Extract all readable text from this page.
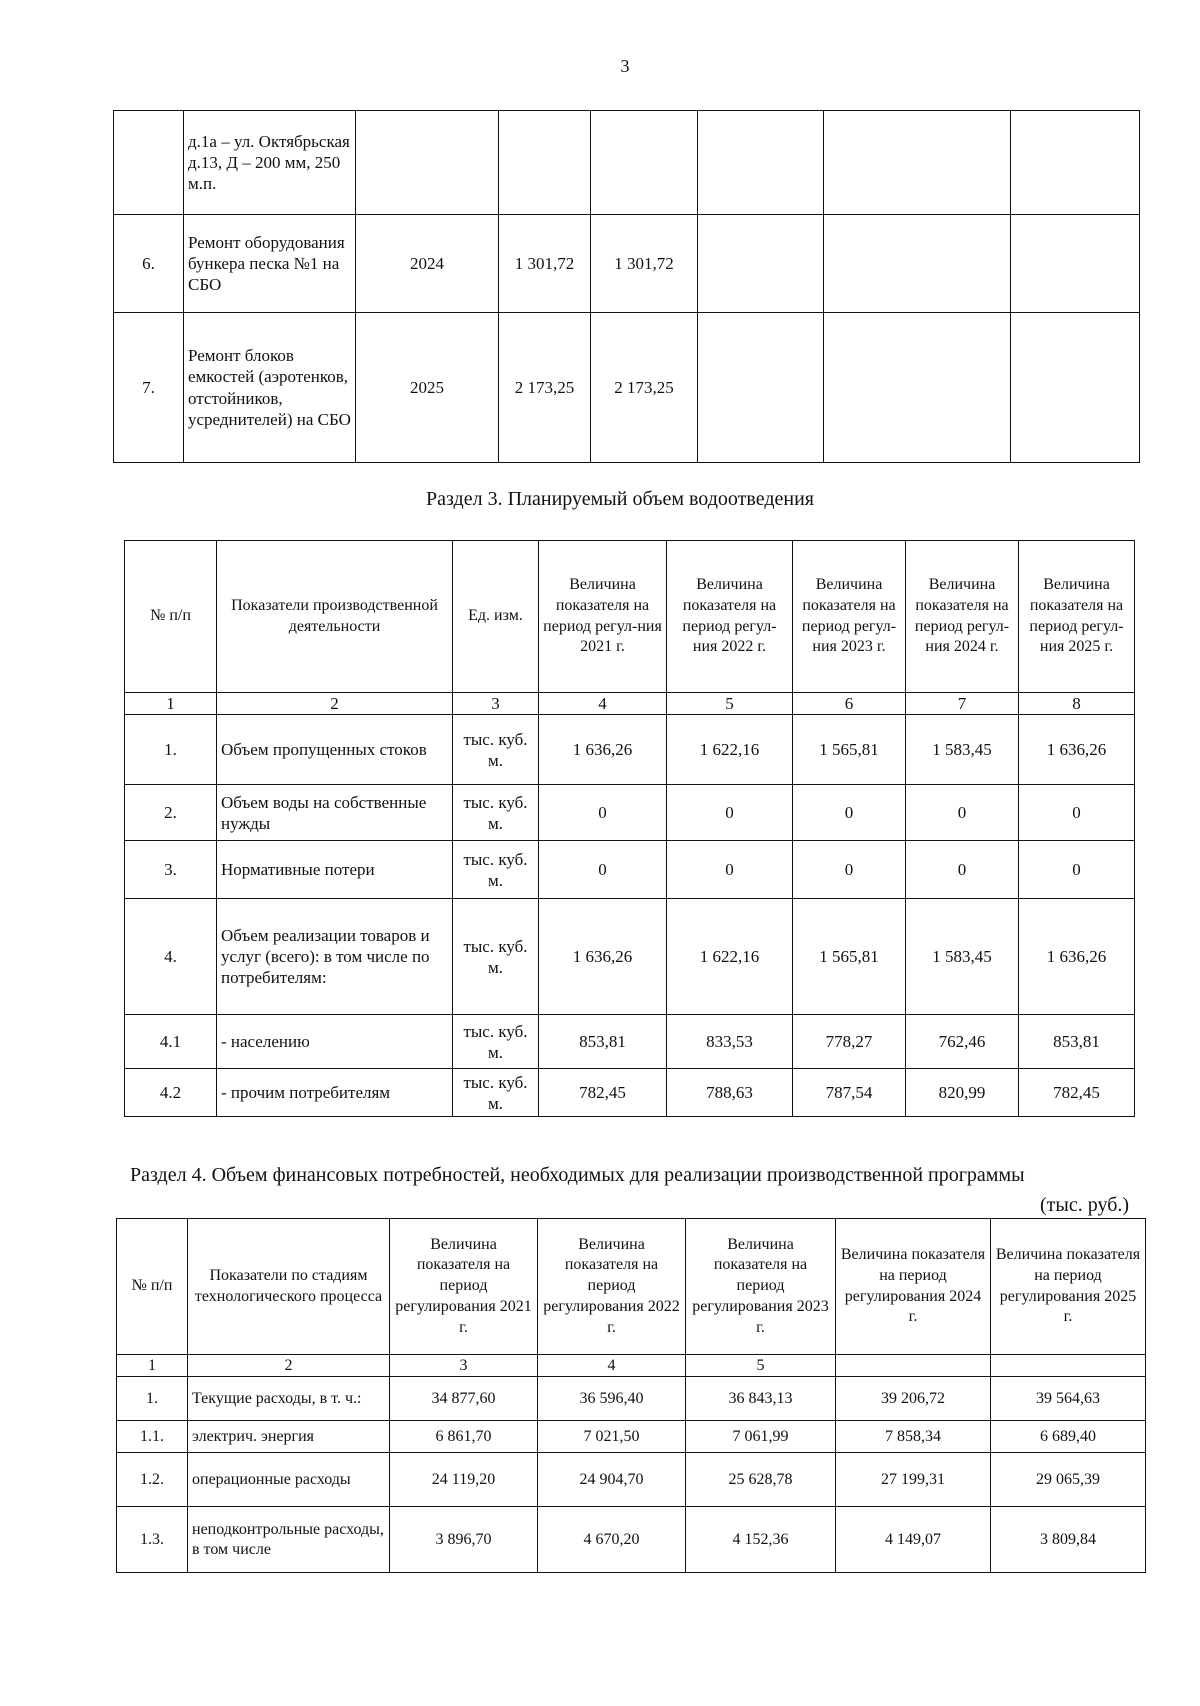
3
	д.1а – ул. Октябрьская д.13, Д – 200 мм, 250 м.п.						
6.	Ремонт оборудования бункера песка №1 на СБО	2024	1 301,72	1 301,72			
7.	Ремонт блоков емкостей (аэротенков, отстойников, усреднителей) на СБО	2025	2 173,25	2 173,25			
Раздел 3. Планируемый объем водоотведения
№ п/п	Показатели производственной деятельности	Ед. изм.	Величина показателя на период регул-ния 2021 г.	Величина показателя на период регул-ния 2022 г.	Величина показателя на период регул-ния 2023 г.	Величина показателя на период регул-ния 2024 г.	Величина показателя на период регул-ния 2025 г.
1	2	3	4	5	6	7	8
1.	Объем пропущенных стоков	тыс. куб. м.	1 636,26	1 622,16	1 565,81	1 583,45	1 636,26
2.	Объем воды на собственные нужды	тыс. куб. м.	0	0	0	0	0
3.	Нормативные потери	тыс. куб. м.	0	0	0	0	0
4.	Объем реализации товаров и услуг (всего): в том числе по потребителям:	тыс. куб. м.	1 636,26	1 622,16	1 565,81	1 583,45	1 636,26
4.1	- населению	тыс. куб. м.	853,81	833,53	778,27	762,46	853,81
4.2	- прочим потребителям	тыс. куб. м.	782,45	788,63	787,54	820,99	782,45
Раздел 4. Объем финансовых потребностей, необходимых для реализации производственной программы
(тыс. руб.)
№ п/п	Показатели по стадиям технологического процесса	Величина показателя на период регулирования 2021 г.	Величина показателя на период регулирования 2022 г.	Величина показателя на период регулирования 2023 г.	Величина показателя на период регулирования 2024 г.	Величина показателя на период регулирования 2025 г.
1	2	3	4	5		
1.	Текущие расходы, в т. ч.:	34 877,60	36 596,40	36 843,13	39 206,72	39 564,63
1.1.	электрич. энергия	6 861,70	7 021,50	7 061,99	7 858,34	6 689,40
1.2.	операционные расходы	24 119,20	24 904,70	25 628,78	27 199,31	29 065,39
1.3.	неподконтрольные расходы, в том числе	3 896,70	4 670,20	4 152,36	4 149,07	3 809,84
